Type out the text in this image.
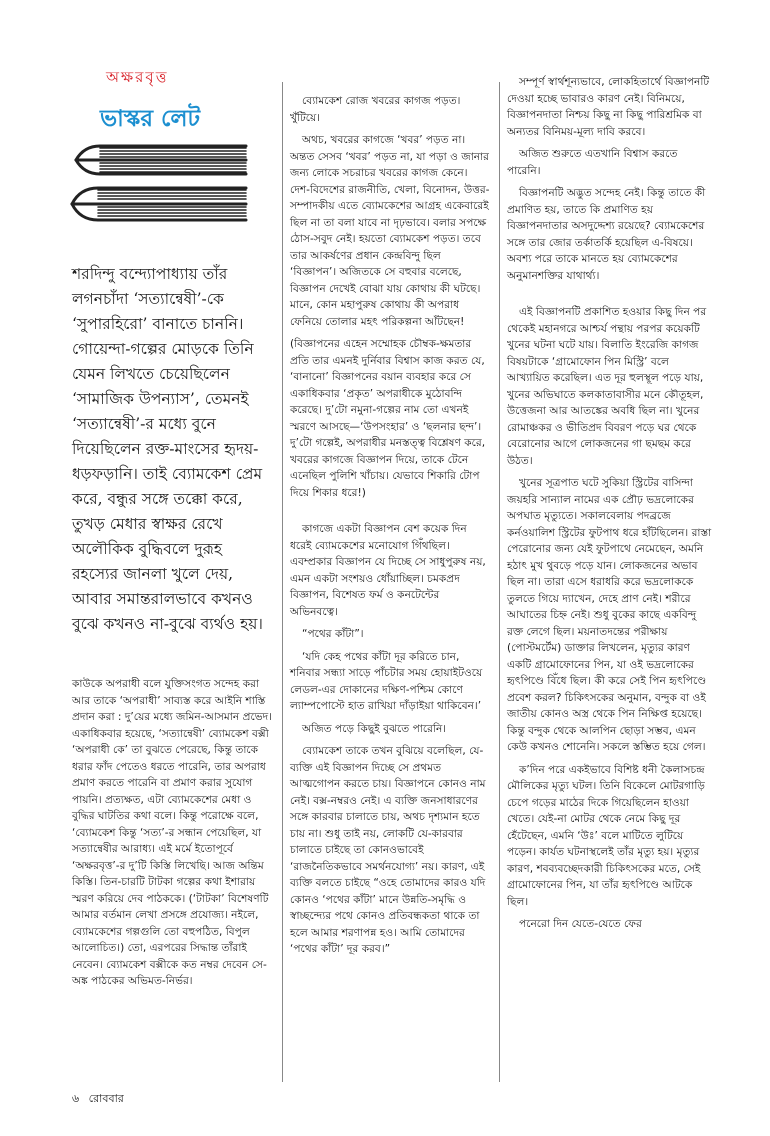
অক্ষরবৃত্ত
ভাস্কর লেট

শরদিন্দু বন্দ্যোপাধ্যায় তাঁর লগনচাঁদা ‘সত্যান্বেষী’-কে ‘সুপারহিরো’ বানাতে চাননি। গোয়েন্দা-গল্পের মোড়কে তিনি যেমন লিখতে চেয়েছিলেন ‘সামাজিক উপন্যাস’, তেমনই ‘সত্যান্বেষী’-র মধ্যে বুনে দিয়েছিলেন রক্ত-মাংসের হৃদয়-ধড়ফড়ানি। তাই ব্যোমকেশ প্রেম করে, বন্ধুর সঙ্গে তক্কো করে, তুখড় মেধার স্বাক্ষর রেখে অলৌকিক বুদ্ধিবলে দুরূহ রহস্যের জানলা খুলে দেয়, আবার সমান্তরালভাবে কখনও বুঝে কখনও না-বুঝে ব্যর্থও হয়।

কাউকে অপরাধী বলে যুক্তিসংগত সন্দেহ করা আর তাকে ‘অপরাধী’ সাব্যস্ত করে আইনি শাস্তি প্রদান করা : দু’য়ের মধ্যে জমিন-আসমান প্রভেদ। একাধিকবার হয়েছে, ‘সত্যান্বেষী’ ব্যোমকেশ বক্সী ‘অপরাধী কে’ তা বুঝতে পেরেছে, কিন্তু তাকে ধরার ফাঁদ পেতেও ধরতে পারেনি, তার অপরাধ প্রমাণ করতে পারেনি বা প্রমাণ করার সুযোগ পায়নি। প্রত্যক্ষত, এটা ব্যোমকেশের মেধা ও বুদ্ধির ঘাটতির কথা বলে। কিন্তু পরোক্ষে বলে, ‘ব্যোমকেশ কিন্তু ‘সত্য’-র সন্ধান পেয়েছিল, যা সত্যান্বেষীর আরাধ্য। এই মর্মে ইতোপূর্বে ‘অক্ষরবৃত্ত’-র দু’টি কিস্তি লিখেছি। আজ অন্তিম কিস্তি। তিন-চারটি টাটকা গল্পের কথা ইশারায় স্মরণ করিয়ে দেব পাঠককে। (‘টাটকা’ বিশেষণটি আমার বর্তমান লেখা প্রসঙ্গে প্রযোজ্য। নইলে, ব্যোমকেশের গল্পগুলি তো বহুপঠিত, বিপুল আলোচিত।) তো, এরপরের সিদ্ধান্ত তাঁরাই নেবেন। ব্যোমকেশ বক্সীকে কত নম্বর দেবেন সে-অঙ্ক পাঠকের অভিমত-নির্ভর।

ব্যোমকেশ রোজ খবরের কাগজ পড়ত। খুঁটিয়ে।

অথচ, খবরের কাগজে ‘খবর’ পড়ত না। অন্তত সেসব ‘খবর’ পড়ত না, যা পড়া ও জানার জন্য লোকে সচরাচর খবরের কাগজ কেনে। দেশ-বিদেশের রাজনীতি, খেলা, বিনোদন, উত্তর-সম্পাদকীয় এতে ব্যোমকেশের আগ্রহ একেবারেই ছিল না তা বলা যাবে না দৃঢ়ভাবে। বলার সপক্ষে ঠোস-সবুদ নেই। হয়তো ব্যোমকেশ পড়ত। তবে তার আকর্ষণের প্রধান কেন্দ্রবিন্দু ছিল ‘বিজ্ঞাপন’। অজিতকে সে বহুবার বলেছে, বিজ্ঞাপন দেখেই বোঝা যায় কোথায় কী ঘটছে। মানে, কোন মহাপুরুষ কোথায় কী অপরাধ ফেনিয়ে তোলার মহৎ পরিকল্পনা আঁটছেন!

(বিজ্ঞাপনের এহেন সম্মোহক চৌম্বক-ক্ষমতার প্রতি তার এমনই দুর্নিবার বিশ্বাস কাজ করত যে, ‘বানানো’ বিজ্ঞাপনের বয়ান ব্যবহার করে সে একাধিকবার ‘প্রকৃত’ অপরাধীকে মুঠোবন্দি করেছে। দু’টো নমুনা-গল্পের নাম তো এখনই স্মরণে আসছে—‘উপসংহার’ ও ‘ছলনার ছন্দ’। দু’টো গল্পেই, অপরাধীর মনস্তত্ত্ব বিশ্লেষণ করে, খবরের কাগজে বিজ্ঞাপন দিয়ে, তাকে টেনে এনেছিল পুলিশি খাঁচায়। যেভাবে শিকারি টোপ দিয়ে শিকার ধরে!)

কাগজে একটা বিজ্ঞাপন বেশ কয়েক দিন ধরেই ব্যোমকেশের মনোযোগ গিঁথছিল। এবম্প্রকার বিজ্ঞাপন যে দিচ্ছে সে সাধুপুরুষ নয়, এমন একটা সংশয়ও ধোঁয়াচ্ছিল। চমকপ্রদ বিজ্ঞাপন, বিশেষত ফর্ম ও কনটেন্টের অভিনবত্বে।

“পথের কাঁটা”।

‘যদি কেহ পথের কাঁটা দূর করিতে চান, শনিবার সন্ধ্যা সাড়ে পাঁচটার সময় হোয়াইটওয়ে লেডল-এর দোকানের দক্ষিণ-পশ্চিম কোণে ল্যাম্পপোস্টে হাত রাখিয়া দাঁড়াইয়া থাকিবেন।’

অজিত পড়ে কিছুই বুঝতে পারেনি।

ব্যোমকেশ তাকে তখন বুঝিয়ে বলেছিল, যে-ব্যক্তি এই বিজ্ঞাপন দিচ্ছে সে প্রথমত আত্মগোপন করতে চায়। বিজ্ঞাপনে কোনও নাম নেই। বক্স-নম্বরও নেই। এ ব্যক্তি জনসাধারণের সঙ্গে কারবার চালাতে চায়, অথচ দৃশ্যমান হতে চায় না। শুধু তাই নয়, লোকটি যে-কারবার চালাতে চাইছে তা কোনওভাবেই ‘রাজনৈতিকভাবে সমর্থনযোগ্য’ নয়। কারণ, এই ব্যক্তি বলতে চাইছে “ওহে তোমাদের কারও যদি কোনও ‘পথের কাঁটা’ মানে উন্নতি-সমৃদ্ধি ও স্বাচ্ছন্দ্যের পথে কোনও প্রতিবন্ধকতা থাকে তা হলে আমার শরণাপন্ন হও। আমি তোমাদের ‘পথের কাঁটা’ দূর করব।”

সম্পূর্ণ স্বার্থশূন্যভাবে, লোকহিতার্থে বিজ্ঞাপনটি দেওয়া হচ্ছে ভাবারও কারণ নেই। বিনিময়ে, বিজ্ঞাপনদাতা নিশ্চয় কিছু না কিছু পারিশ্রমিক বা অন্যতর বিনিময়-মূল্য দাবি করবে।

অজিত শুরুতে এতখানি বিশ্বাস করতে পারেনি।

বিজ্ঞাপনটি অদ্ভুত সন্দেহ নেই। কিন্তু তাতে কী প্রমাণিত হয়, তাতে কি প্রমাণিত হয় বিজ্ঞাপনদাতার অসদুদ্দেশ্য রয়েছে? ব্যোমকেশের সঙ্গে তার জোর তর্কাতর্কি হয়েছিল এ-বিষয়ে। অবশ্য পরে তাকে মানতে হয় ব্যোমকেশের অনুমানশক্তির যাথার্থ্য।

এই বিজ্ঞাপনটি প্রকাশিত হওয়ার কিছু দিন পর থেকেই মহানগরে আশ্চর্য পন্থায় পরপর কয়েকটি খুনের ঘটনা ঘটে যায়। বিলাতি ইংরেজি কাগজ বিষয়টাকে ‘গ্রামোফোন পিন মিস্ট্রি’ বলে আখ্যায়িত করেছিল। এত দূর হুলস্থূল পড়ে যায়, খুনের অভিঘাতে কলকাতাবাসীর মনে কৌতূহল, উত্তেজনা আর আতঙ্কের অবধি ছিল না। খুনের রোমাঞ্চকর ও ভীতিপ্রদ বিবরণ পড়ে ঘর থেকে বেরোনোর আগে লোকজনের গা ছমছম করে উঠত।

খুনের সূত্রপাত ঘটে সুকিয়া স্ট্রিটের বাসিন্দা জয়হরি সান্যাল নামের এক প্রৌঢ় ভদ্রলোকের অপঘাত মৃত্যুতে। সকালবেলায় পদব্রজে কর্নওয়ালিশ স্ট্রিটের ফুটপাথ ধরে হাঁটছিলেন। রাস্তা পেরোনোর জন্য যেই ফুটপাথে নেমেছেন, অমনি হঠাৎ মুখ থুবড়ে পড়ে যান। লোকজনের অভাব ছিল না। তারা এসে ধরাধরি করে ভদ্রলোককে তুলতে গিয়ে দ্যাখেন, দেহে প্রাণ নেই। শরীরে আঘাতের চিহ্ন নেই। শুধু বুকের কাছে একবিন্দু রক্ত লেগে ছিল। ময়নাতদন্তের পরীক্ষায় (পোস্টমর্টেম) ডাক্তার লিখলেন, মৃত্যুর কারণ একটি গ্রামোফোনের পিন, যা ওই ভদ্রলোকের হৃৎপিণ্ডে বিঁধে ছিল। কী করে সেই পিন হৃৎপিণ্ডে প্রবেশ করল? চিকিৎসকের অনুমান, বন্দুক বা ওই জাতীয় কোনও অস্ত্র থেকে পিন নিক্ষিপ্ত হয়েছে। কিন্তু বন্দুক থেকে আলপিন ছোড়া সম্ভব, এমন কেউ কখনও শোনেনি। সকলে স্তম্ভিত হয়ে গেল।

ক’দিন পরে একইভাবে বিশিষ্ট ধনী কৈলাসচন্দ্র মৌলিকের মৃত্যু ঘটল। তিনি বিকেলে মোটরগাড়ি চেপে গড়ের মাঠের দিকে গিয়েছিলেন হাওয়া খেতে। যেই-না মোটর থেকে নেমে কিছু দূর হেঁটেছেন, এমনি ‘উঃ’ বলে মাটিতে লুটিয়ে পড়েন। কার্যত ঘটনাস্থলেই তাঁর মৃত্যু হয়। মৃত্যুর কারণ, শবব্যবচ্ছেদকারী চিকিৎসকের মতে, সেই গ্রামোফোনের পিন, যা তাঁর হৃৎপিণ্ডে আটকে ছিল।

পনেরো দিন যেতে-যেতে ফের

৬ রোববার
